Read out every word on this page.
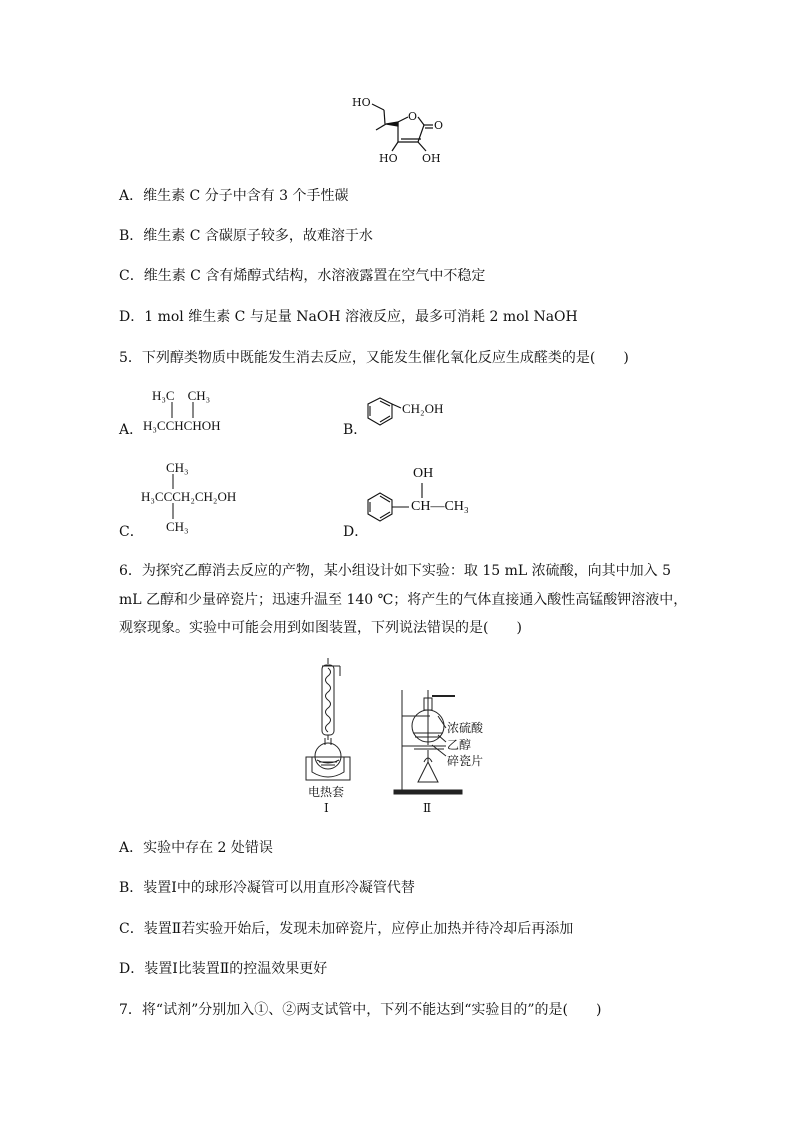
HO
O
O
HO OH
A．维生素 C 分子中含有 3 个手性碳
B．维生素 C 含碳原子较多，故难溶于水
C．维生素 C 含有烯醇式结构，水溶液露置在空气中不稳定
D．1 mol 维生素 C 与足量 NaOH 溶液反应，最多可消耗 2 mol NaOH
5．下列醇类物质中既能发生消去反应，又能发生催化氧化反应生成醛类的是(　　)
A．
H₃C　CH₃
H₃CCHCHOH	B．
CH₂OH
C．
CH₃
H₃CCCH₂CH₂OH
CH₃	D．
OH
CH—CH₃
6．为探究乙醇消去反应的产物，某小组设计如下实验：取 15 mL 浓硫酸，向其中加入 5
mL 乙醇和少量碎瓷片；迅速升温至 140 ℃；将产生的气体直接通入酸性高锰酸钾溶液中，
观察现象。实验中可能会用到如图装置，下列说法错误的是(　　)
电热套
Ⅰ	Ⅱ
浓硫酸
乙醇
碎瓷片
A．实验中存在 2 处错误
B．装置Ⅰ中的球形冷凝管可以用直形冷凝管代替
C．装置Ⅱ若实验开始后，发现未加碎瓷片，应停止加热并待冷却后再添加
D．装置Ⅰ比装置Ⅱ的控温效果更好
7．将“试剂”分别加入①、②两支试管中，下列不能达到“实验目的”的是(　　)
